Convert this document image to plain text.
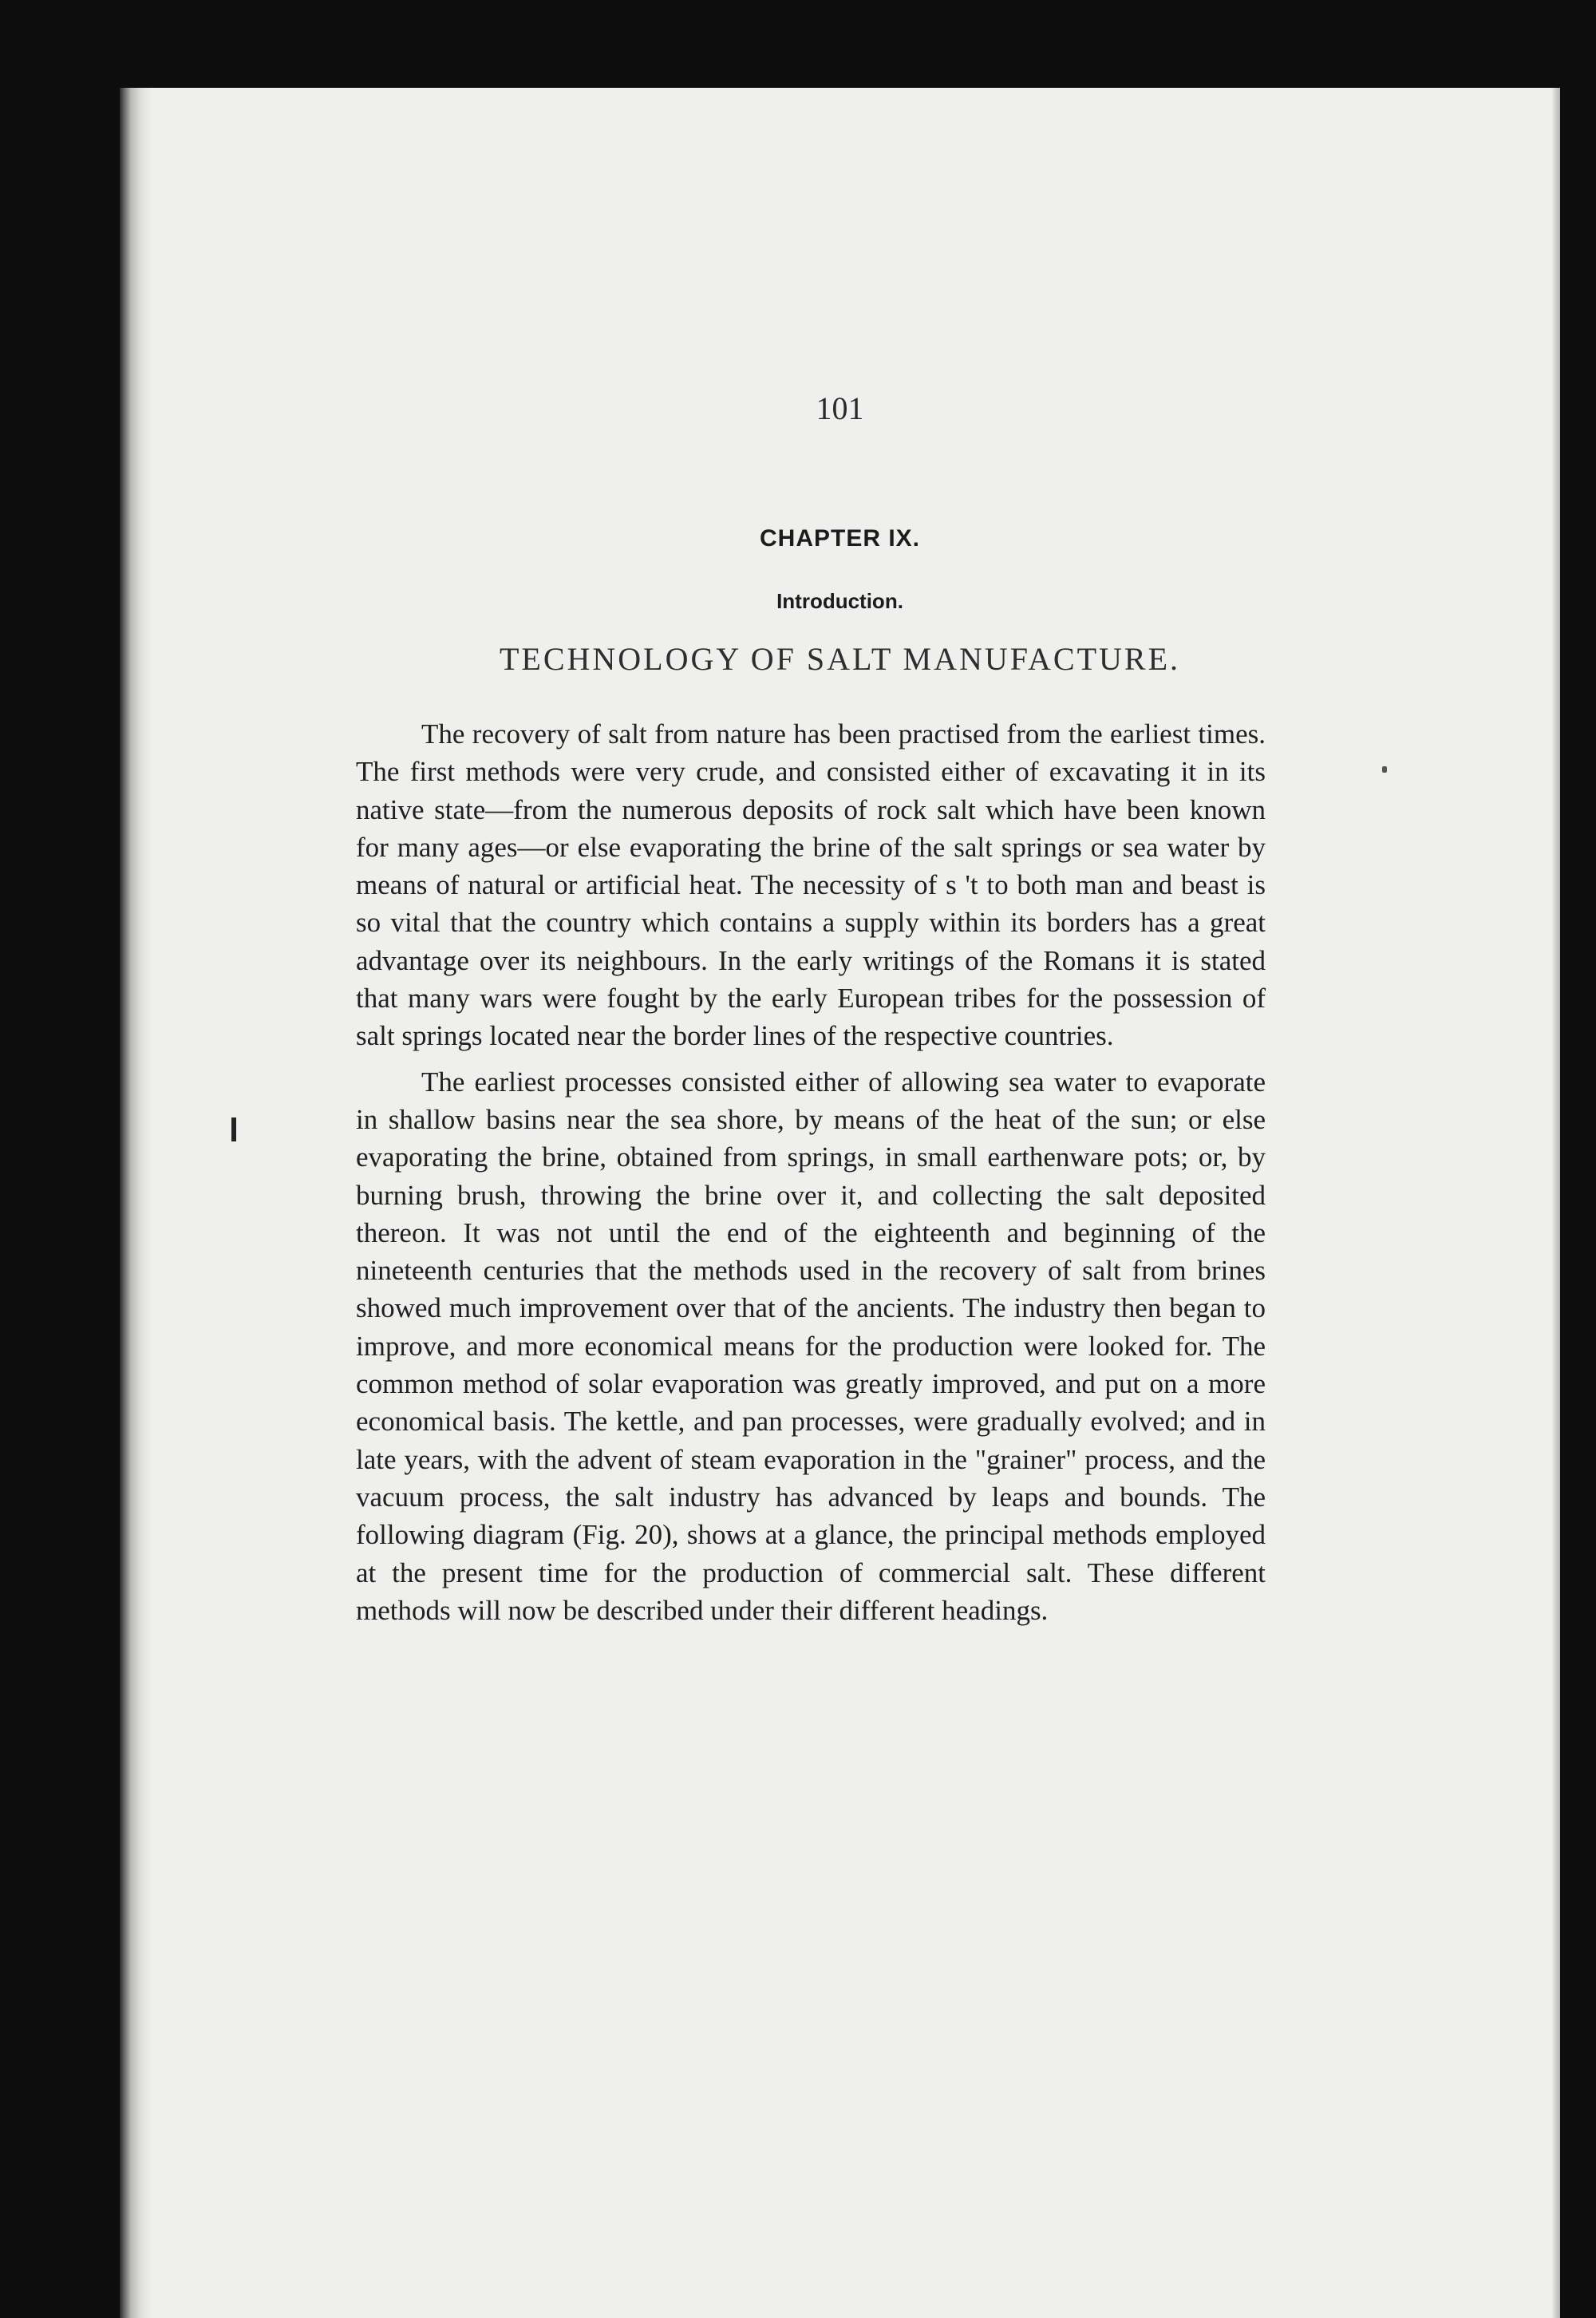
101
CHAPTER IX.
Introduction.
TECHNOLOGY OF SALT MANUFACTURE.

The recovery of salt from nature has been practised from the earliest times. The first methods were very crude, and consisted either of excavating it in its native state—from the numerous deposits of rock salt which have been known for many ages—or else evaporating the brine of the salt springs or sea water by means of natural or artificial heat. The necessity of s 't to both man and beast is so vital that the country which contains a supply within its borders has a great advantage over its neighbours. In the early writings of the Romans it is stated that many wars were fought by the early European tribes for the possession of salt springs located near the border lines of the respective countries.

The earliest processes consisted either of allowing sea water to evaporate in shallow basins near the sea shore, by means of the heat of the sun; or else evaporating the brine, obtained from springs, in small earthenware pots; or, by burning brush, throwing the brine over it, and collecting the salt deposited thereon. It was not until the end of the eighteenth and beginning of the nineteenth centuries that the methods used in the recovery of salt from brines showed much improvement over that of the ancients. The industry then began to improve, and more economical means for the production were looked for. The common method of solar evaporation was greatly improved, and put on a more economical basis. The kettle, and pan processes, were gradually evolved; and in late years, with the advent of steam evaporation in the "grainer" process, and the vacuum process, the salt industry has advanced by leaps and bounds. The following diagram (Fig. 20), shows at a glance, the principal methods employed at the present time for the production of commercial salt. These different methods will now be described under their different headings.
